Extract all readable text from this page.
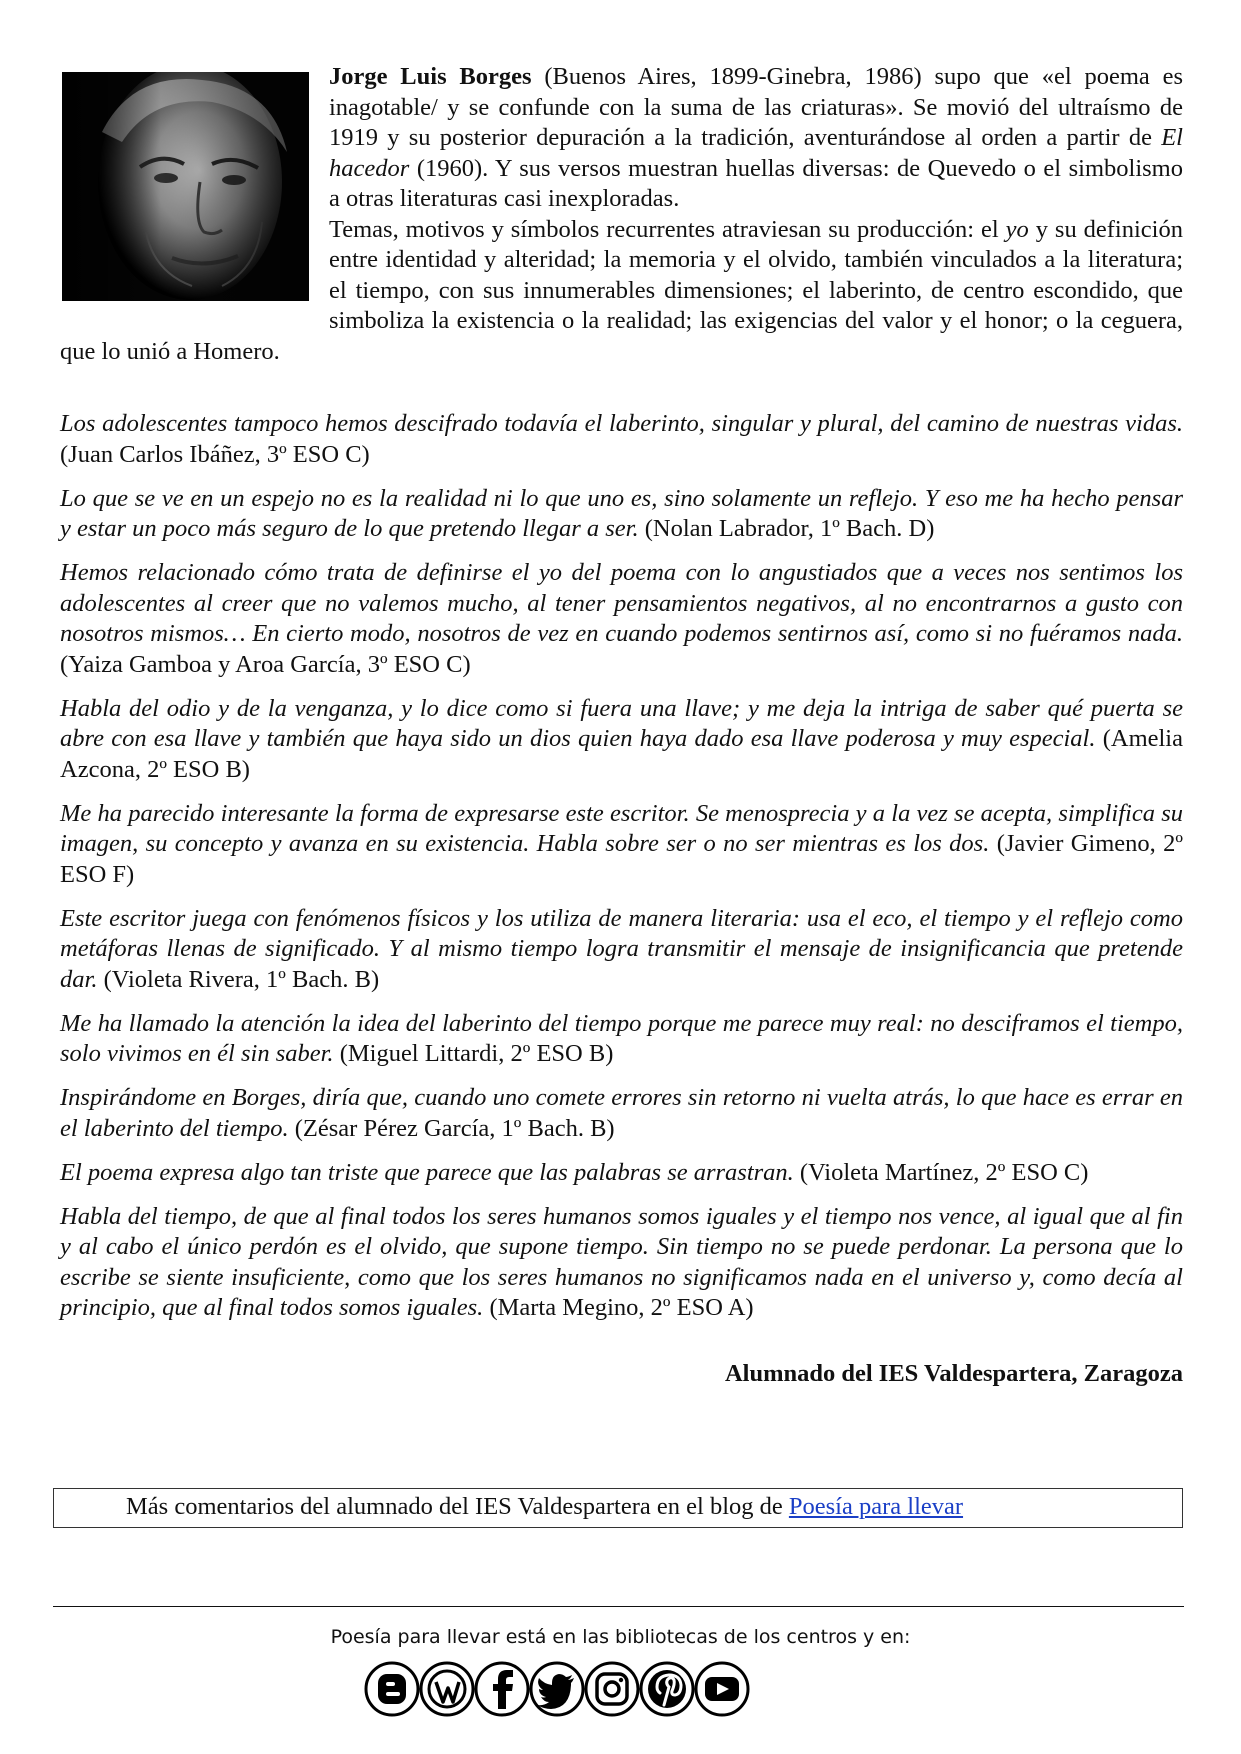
Jorge Luis Borges (Buenos Aires, 1899-Ginebra, 1986) supo que «el poema es inagotable/ y se confunde con la suma de las criaturas». Se movió del ultraísmo de 1919 y su posterior depuración a la tradición, aventurándose al orden a partir de El hacedor (1960). Y sus versos muestran huellas diversas: de Quevedo o el simbolismo a otras literaturas casi inexploradas.
Temas, motivos y símbolos recurrentes atraviesan su producción: el yo y su definición entre identidad y alteridad; la memoria y el olvido, también vinculados a la literatura; el tiempo, con sus innumerables dimensiones; el laberinto, de centro escondido, que simboliza la existencia o la realidad; las exigencias del valor y el honor; o la ceguera, que lo unió a Homero.

Los adolescentes tampoco hemos descifrado todavía el laberinto, singular y plural, del camino de nuestras vidas. (Juan Carlos Ibáñez, 3º ESO C)

Lo que se ve en un espejo no es la realidad ni lo que uno es, sino solamente un reflejo. Y eso me ha hecho pensar y estar un poco más seguro de lo que pretendo llegar a ser. (Nolan Labrador, 1º Bach. D)

Hemos relacionado cómo trata de definirse el yo del poema con lo angustiados que a veces nos sentimos los adolescentes al creer que no valemos mucho, al tener pensamientos negativos, al no encontrarnos a gusto con nosotros mismos… En cierto modo, nosotros de vez en cuando podemos sentirnos así, como si no fuéramos nada. (Yaiza Gamboa y Aroa García, 3º ESO C)

Habla del odio y de la venganza, y lo dice como si fuera una llave; y me deja la intriga de saber qué puerta se abre con esa llave y también que haya sido un dios quien haya dado esa llave poderosa y muy especial. (Amelia Azcona, 2º ESO B)

Me ha parecido interesante la forma de expresarse este escritor. Se menosprecia y a la vez se acepta, simplifica su imagen, su concepto y avanza en su existencia. Habla sobre ser o no ser mientras es los dos. (Javier Gimeno, 2º ESO F)

Este escritor juega con fenómenos físicos y los utiliza de manera literaria: usa el eco, el tiempo y el reflejo como metáforas llenas de significado. Y al mismo tiempo logra transmitir el mensaje de insignificancia que pretende dar. (Violeta Rivera, 1º Bach. B)

Me ha llamado la atención la idea del laberinto del tiempo porque me parece muy real: no desciframos el tiempo, solo vivimos en él sin saber. (Miguel Littardi, 2º ESO B)

Inspirándome en Borges, diría que, cuando uno comete errores sin retorno ni vuelta atrás, lo que hace es errar en el laberinto del tiempo. (Zésar Pérez García, 1º Bach. B)

El poema expresa algo tan triste que parece que las palabras se arrastran. (Violeta Martínez, 2º ESO C)

Habla del tiempo, de que al final todos los seres humanos somos iguales y el tiempo nos vence, al igual que al fin y al cabo el único perdón es el olvido, que supone tiempo. Sin tiempo no se puede perdonar. La persona que lo escribe se siente insuficiente, como que los seres humanos no significamos nada en el universo y, como decía al principio, que al final todos somos iguales. (Marta Megino, 2º ESO A)

Alumnado del IES Valdespartera, Zaragoza
Más comentarios del alumnado del IES Valdespartera en el blog de Poesía para llevar
Poesía para llevar está en las bibliotecas de los centros y en:
